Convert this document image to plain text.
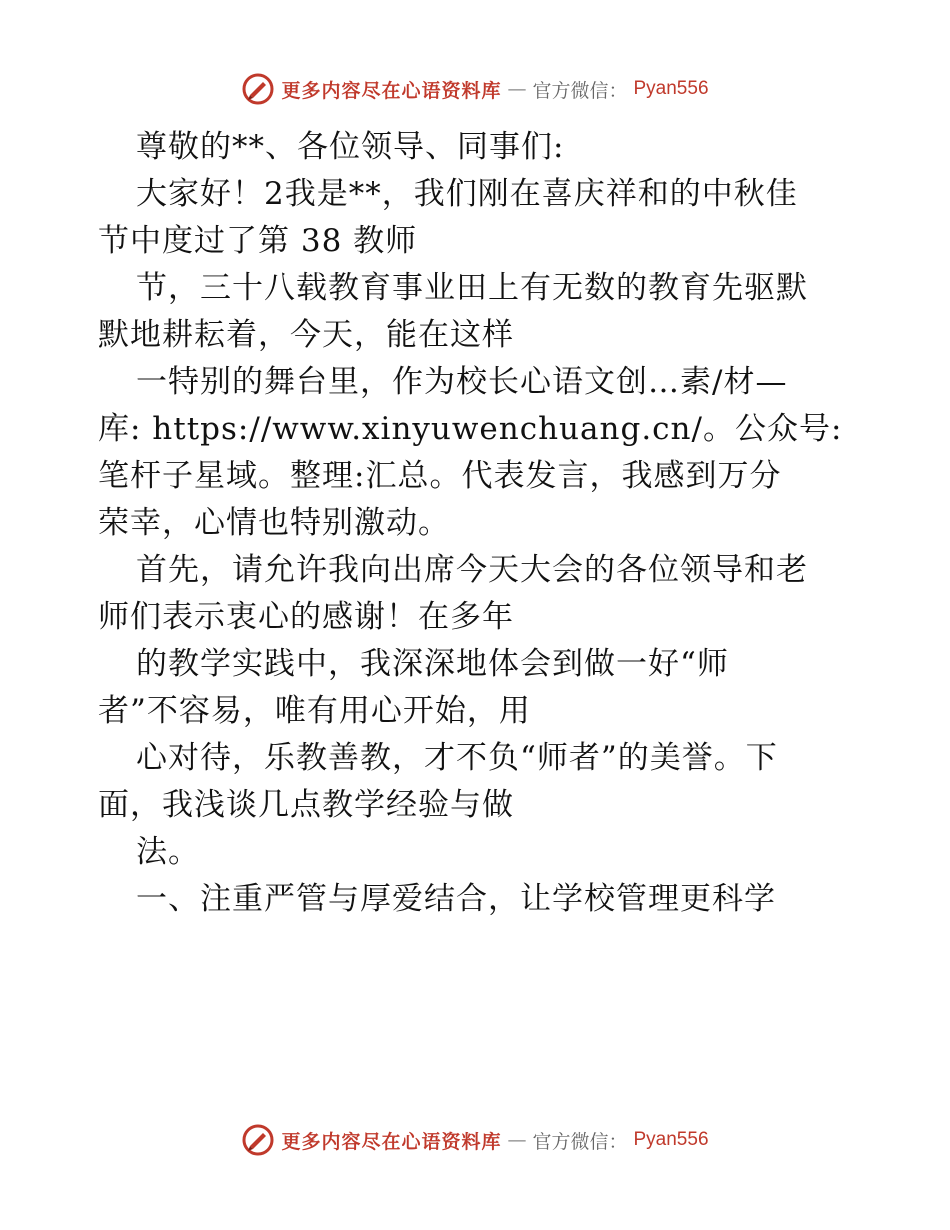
更多内容尽在心语资料库 — 官方微信： Pyan556
尊敬的**、各位领导、同事们:
大家好！2我是**，我们刚在喜庆祥和的中秋佳
节中度过了第 38 教师
节，三十八载教育事业田上有无数的教育先驱默
默地耕耘着，今天，能在这样
一特别的舞台里，作为校长心语文创…素/材—
库: https://www.xinyuwenchuang.cn/。公众号:
笔杆子星域。整理:汇总。代表发言，我感到万分
荣幸，心情也特别激动。
首先，请允许我向出席今天大会的各位领导和老
师们表示衷心的感谢！在多年
的教学实践中，我深深地体会到做一好“师
者”不容易，唯有用心开始，用
心对待，乐教善教，才不负“师者”的美誉。下
面，我浅谈几点教学经验与做
法。
一、注重严管与厚爱结合，让学校管理更科学
更多内容尽在心语资料库 — 官方微信： Pyan556
